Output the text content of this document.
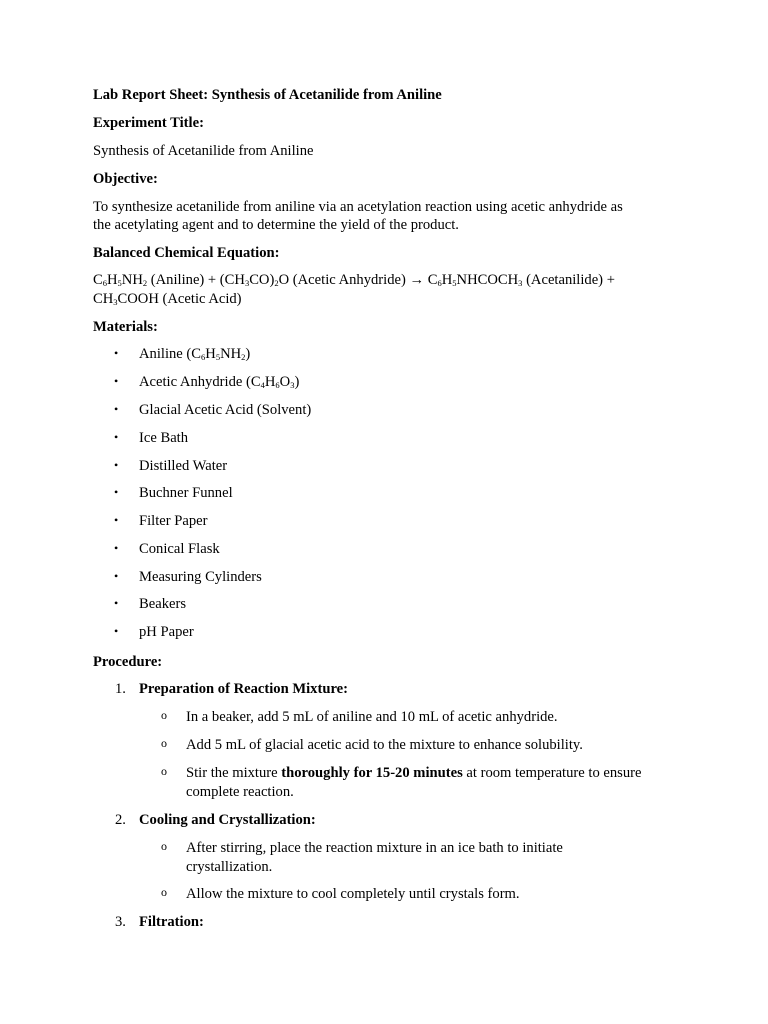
Lab Report Sheet: Synthesis of Acetanilide from Aniline

Experiment Title:

Synthesis of Acetanilide from Aniline

Objective:

To synthesize acetanilide from aniline via an acetylation reaction using acetic anhydride as

the acetylating agent and to determine the yield of the product.

Balanced Chemical Equation:

$C_6H_5NH_2$ (Aniline) + $(CH_3CO)_2O$ (Acetic Anhydride) → $C_6H_5NHCOCH_3$ (Acetanilide) +

$CH_3COOH$ (Acetic Acid)

Materials:

• Aniline $(C_6H_5NH_2)$
• Acetic Anhydride $(C_4H_6O_3)$
• Glacial Acetic Acid (Solvent)
• Ice Bath
• Distilled Water
• Buchner Funnel
• Filter Paper
• Conical Flask
• Measuring Cylinders
• Beakers
• pH Paper

Procedure:

1. Preparation of Reaction Mixture:
o In a beaker, add 5 mL of aniline and 10 mL of acetic anhydride.
o Add 5 mL of glacial acetic acid to the mixture to enhance solubility.
o Stir the mixture thoroughly for 15-20 minutes at room temperature to ensure
complete reaction.
2. Cooling and Crystallization:
o After stirring, place the reaction mixture in an ice bath to initiate
crystallization.
o Allow the mixture to cool completely until crystals form.
3. Filtration:
